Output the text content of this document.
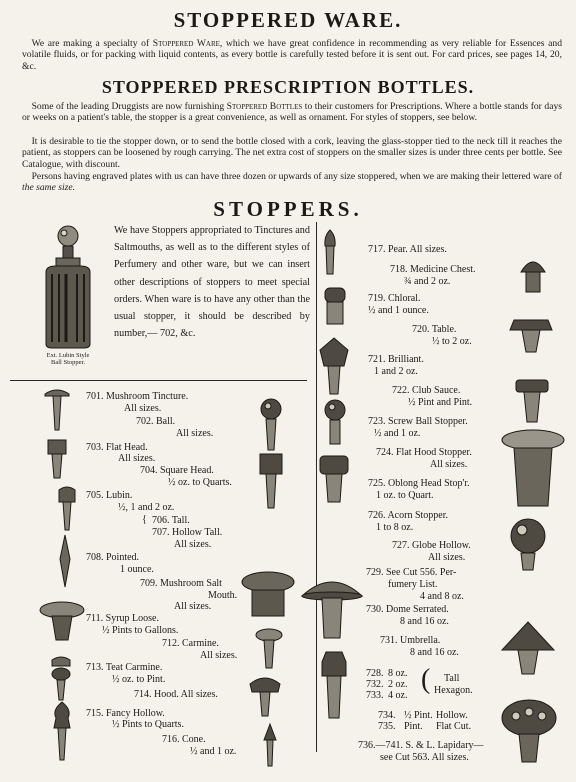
STOPPERED WARE.
STOPPERED PRESCRIPTION BOTTLES.
STOPPERS.
 We are making a specialty of Stoppered Ware, which we have great confidence in recommending as very reliable for Essences and volatile fluids, or for packing with liquid contents, as every bottle is carefully tested before it is sent out. For card prices, see pages 14, 20, &c.
 Some of the leading Druggists are now furnishing Stoppered Bottles to their customers for Prescriptions. Where a bottle stands for days or weeks on a patient's table, the stopper is a great convenience, as well as ornament. For styles of stoppers, see below.
 It is desirable to tie the stopper down, or to send the bottle closed with a cork, leaving the glass-stopper tied to the neck till it reaches the patient, as stoppers can be loosened by rough carrying. The net extra cost of stoppers on the smaller sizes is under three cents per bottle. See Catalogue, with discount.
 Persons having engraved plates with us can have three dozen or upwards of any size stoppered, when we are making their lettered ware of the same size.
We have Stoppers appropriated to Tinctures and Saltmouths, as well as to the different styles of Perfumery and other ware, but we can insert other descriptions of stoppers to meet special orders. When ware is to have any other than the usual stopper, it should be described by number,— 702, &c.
Ext. Lubin Style
Ball Stopper.
701. Mushroom Tincture.
All sizes.
702. Ball.
All sizes.
703. Flat Head.
All sizes.
704. Square Head.
½ oz. to Quarts.
705. Lubin.
½, 1 and 2 oz.
{ 706. Tall.
707. Hollow Tall.
All sizes.
708. Pointed.
1 ounce.
709. Mushroom Salt
Mouth.
All sizes.
711. Syrup Loose.
½ Pints to Gallons.
712. Carmine.
All sizes.
713. Teat Carmine.
½ oz. to Pint.
714. Hood. All sizes.
715. Fancy Hollow.
½ Pints to Quarts.
716. Cone.
½ and 1 oz.
717. Pear. All sizes.
718. Medicine Chest.
¾ and 2 oz.
719. Chloral.
½ and 1 ounce.
720. Table.
½ to 2 oz.
721. Brilliant.
1 and 2 oz.
722. Club Sauce.
½ Pint and Pint.
723. Screw Ball Stopper.
½ and 1 oz.
724. Flat Hood Stopper.
All sizes.
725. Oblong Head Stop'r.
1 oz. to Quart.
726. Acorn Stopper.
1 to 8 oz.
727. Globe Hollow.
All sizes.
729. See Cut 556. Per-
fumery List.
4 and 8 oz.
730. Dome Serrated.
8 and 16 oz.
731. Umbrella.
8 and 16 oz.
728.
732.
733.
8 oz.
2 oz.
4 oz.
( Tall
Hexagon.
734.
735.
½ Pint.
Pint.
Hollow.
Flat Cut.
736.—741. S. & L. Lapidary—
see Cut 563. All sizes.
